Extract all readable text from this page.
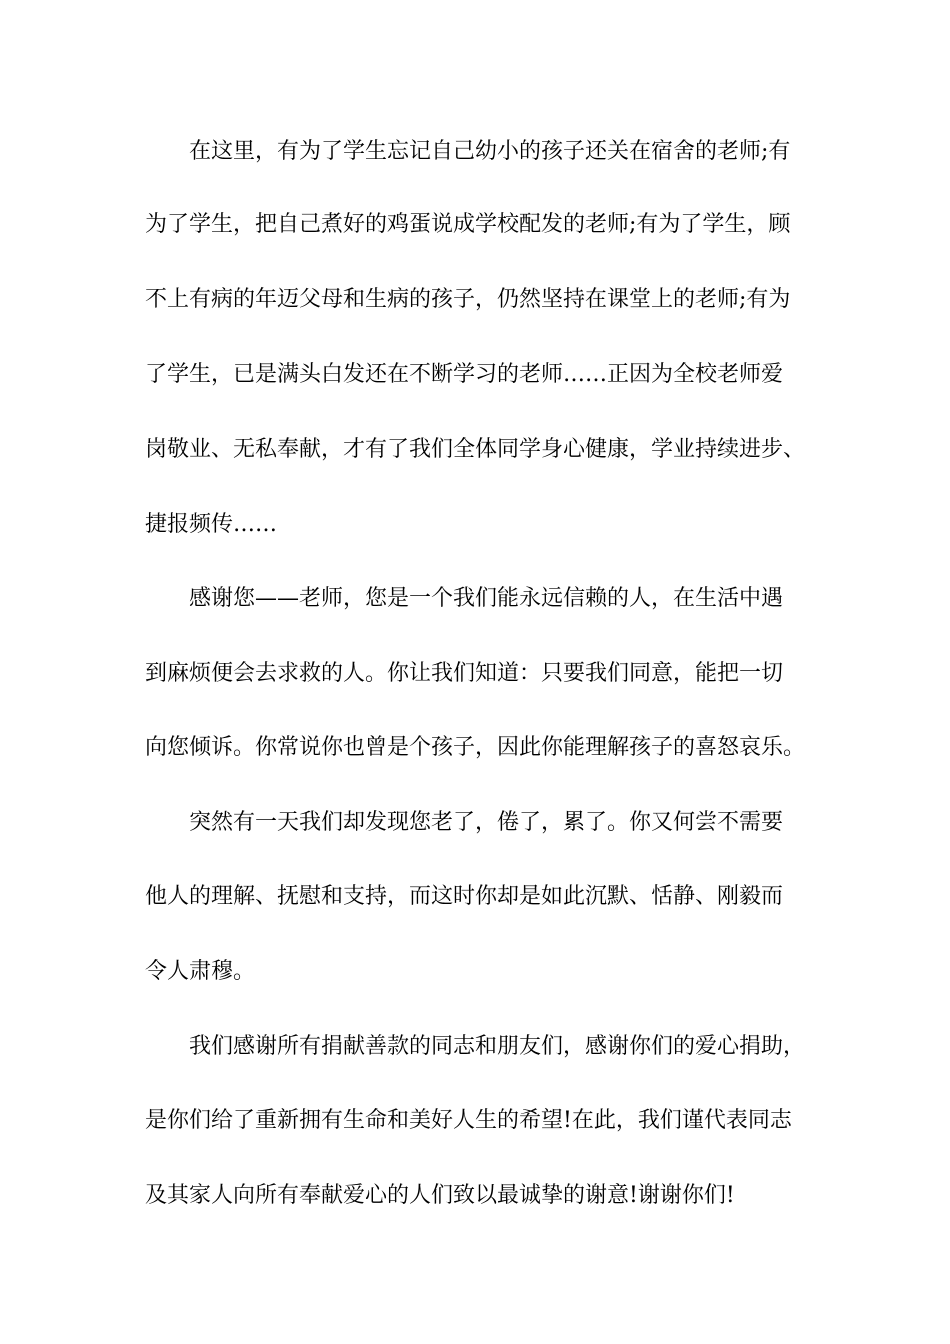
在这里，有为了学生忘记自己幼小的孩子还关在宿舍的老师;有
为了学生，把自己煮好的鸡蛋说成学校配发的老师;有为了学生，顾
不上有病的年迈父母和生病的孩子，仍然坚持在课堂上的老师;有为
了学生，已是满头白发还在不断学习的老师……正因为全校老师爱
岗敬业、无私奉献，才有了我们全体同学身心健康，学业持续进步、
捷报频传……
感谢您——老师，您是一个我们能永远信赖的人，在生活中遇
到麻烦便会去求救的人。你让我们知道：只要我们同意，能把一切
向您倾诉。你常说你也曾是个孩子，因此你能理解孩子的喜怒哀乐。
突然有一天我们却发现您老了，倦了，累了。你又何尝不需要
他人的理解、抚慰和支持，而这时你却是如此沉默、恬静、刚毅而
令人肃穆。
我们感谢所有捐献善款的同志和朋友们，感谢你们的爱心捐助，
是你们给了重新拥有生命和美好人生的希望!在此，我们谨代表同志
及其家人向所有奉献爱心的人们致以最诚挚的谢意!谢谢你们!
